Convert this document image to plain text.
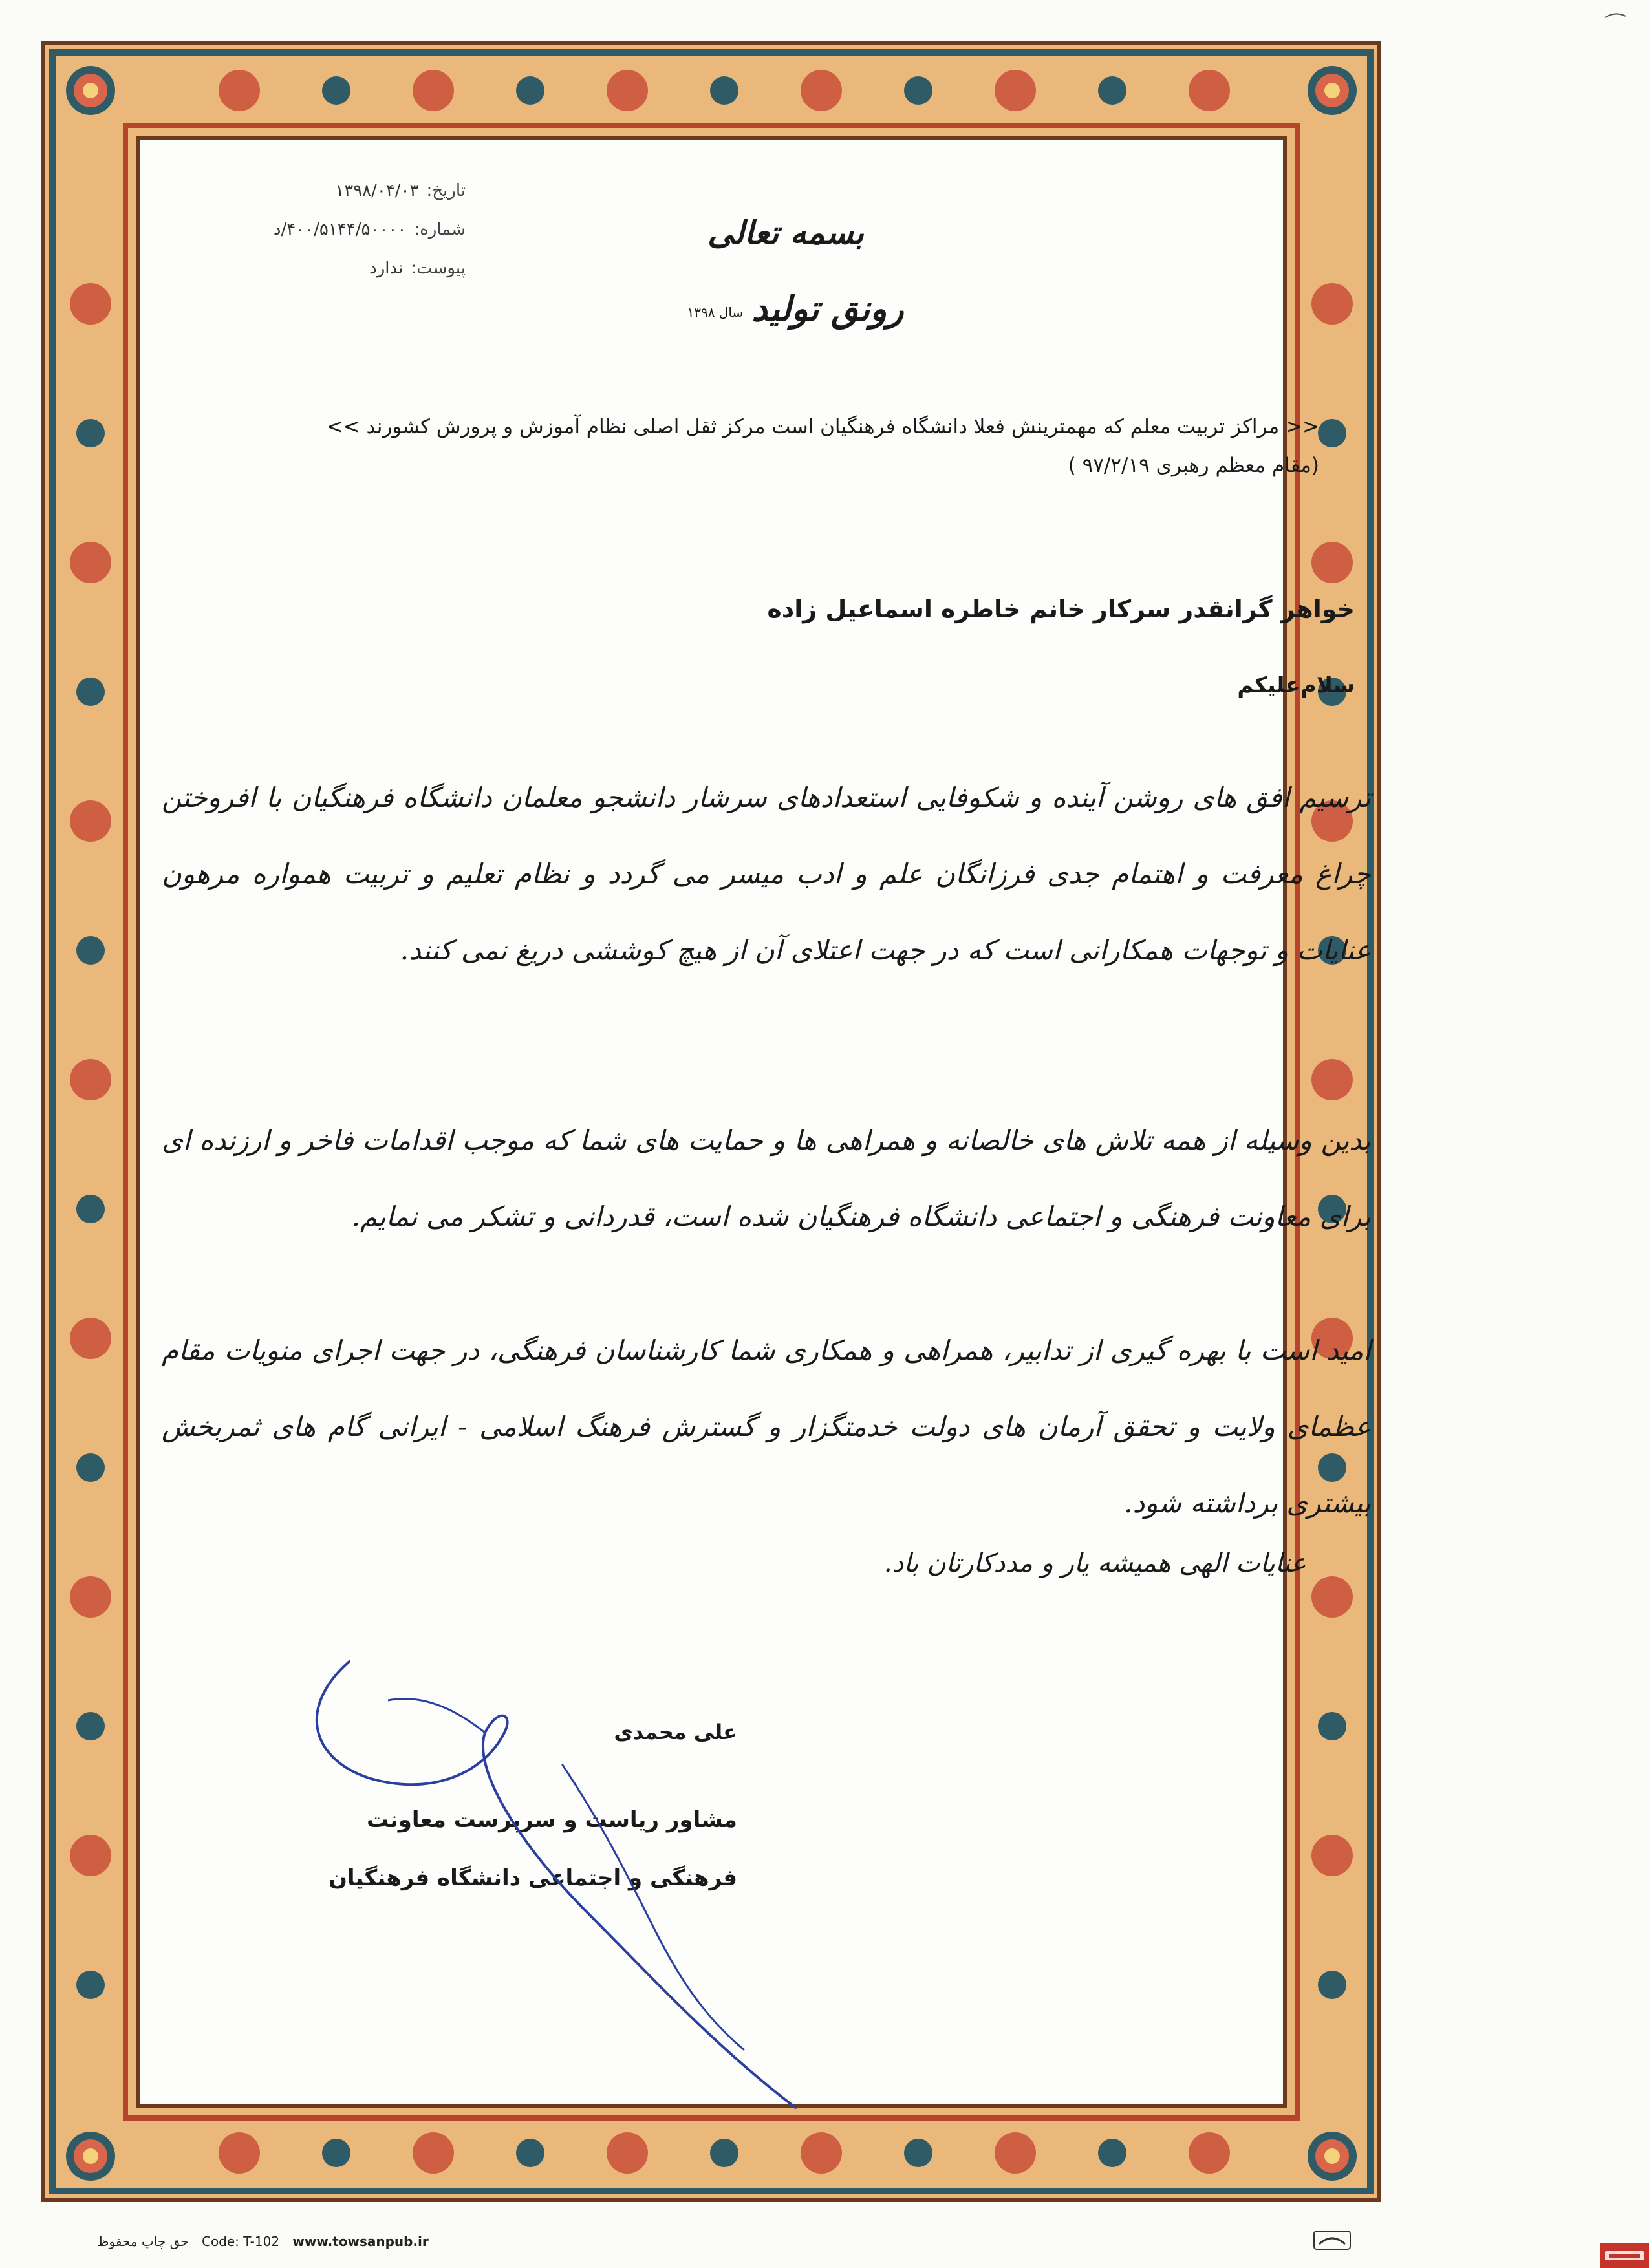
تاریخ:
۱۳۹۸/۰۴/۰۳
شماره:
۴۰۰/۵۱۴۴/۵۰۰۰۰/د
پیوست:
ندارد
بسمه تعالی
رونق تولید سال ۱۳۹۸
<< مراکز تربیت معلم که مهمترینش فعلا دانشگاه فرهنگیان است مرکز ثقل اصلی نظام آموزش و پرورش کشورند >>
(مقام معظم رهبری ۹۷/۲/۱۹ )
خواهر گرانقدر سرکار خانم خاطره اسماعیل زاده
سلام‌علیکم
ترسیم افق های روشن آینده و شکوفایی استعدادهای سرشار دانشجو معلمان دانشگاه فرهنگیان با افروختن چراغ معرفت و اهتمام جدی فرزانگان علم و ادب میسر می گردد و نظام تعلیم و تربیت همواره مرهون عنایات و توجهات همکارانی است که در جهت اعتلای آن از هیچ کوششی دریغ نمی کنند.
بدین وسیله از همه تلاش های خالصانه و همراهی ها و حمایت های شما که موجب اقدامات فاخر و ارزنده ای برای معاونت فرهنگی و اجتماعی دانشگاه فرهنگیان شده است، قدردانی و تشکر می نمایم.
امید است با بهره گیری از تدابیر، همراهی و همکاری شما کارشناسان فرهنگی، در جهت اجرای منویات مقام عظمای ولایت و تحقق آرمان های دولت خدمتگزار و گسترش فرهنگ اسلامی - ایرانی گام های ثمربخش بیشتری برداشته شود.
عنایات الهی همیشه یار و مددکارتان باد.
علی محمدی
مشاور ریاست و سرپرست معاونت
فرهنگی و اجتماعی دانشگاه فرهنگیان
حق چاپ محفوظ Code: T-102 www.towsanpub.ir
